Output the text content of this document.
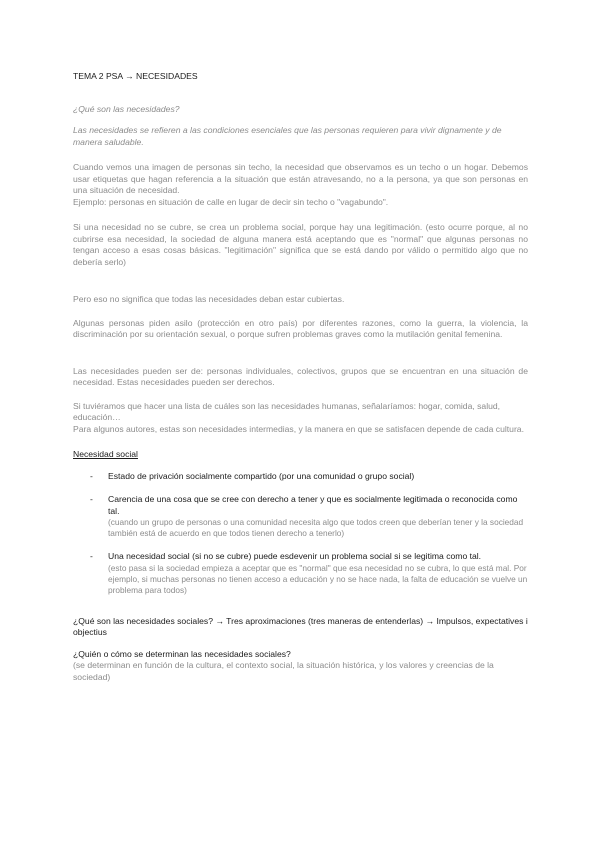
TEMA 2 PSA → NECESIDADES

¿Qué son las necesidades?

Las necesidades se refieren a las condiciones esenciales que las personas requieren para vivir dignamente y de manera saludable.

Cuando vemos una imagen de personas sin techo, la necesidad que observamos es un techo o un hogar. Debemos usar etiquetas que hagan referencia a la situación que están atravesando, no a la persona, ya que son personas en una situación de necesidad.

Ejemplo: personas en situación de calle en lugar de decir sin techo o "vagabundo".

Si una necesidad no se cubre, se crea un problema social, porque hay una legitimación. (esto ocurre porque, al no cubrirse esa necesidad, la sociedad de alguna manera está aceptando que es "normal" que algunas personas no tengan acceso a esas cosas básicas. "legitimación" significa que se está dando por válido o permitido algo que no debería serlo)

Pero eso no significa que todas las necesidades deban estar cubiertas.

Algunas personas piden asilo (protección en otro país) por diferentes razones, como la guerra, la violencia, la discriminación por su orientación sexual, o porque sufren problemas graves como la mutilación genital femenina.

Las necesidades pueden ser de: personas individuales, colectivos, grupos que se encuentran en una situación de necesidad. Estas necesidades pueden ser derechos.

Si tuviéramos que hacer una lista de cuáles son las necesidades humanas, señalaríamos: hogar, comida, salud, educación…

Para algunos autores, estas son necesidades intermedias, y la manera en que se satisfacen depende de cada cultura.

Necesidad social

- Estado de privación socialmente compartido (por una comunidad o grupo social)

- Carencia de una cosa que se cree con derecho a tener y que es socialmente legitimada o reconocida como tal.

(cuando un grupo de personas o una comunidad necesita algo que todos creen que deberían tener y la sociedad también está de acuerdo en que todos tienen derecho a tenerlo)

- Una necesidad social (si no se cubre) puede esdevenir un problema social si se legitima como tal.

(esto pasa si la sociedad empieza a aceptar que es "normal" que esa necesidad no se cubra, lo que está mal. Por ejemplo, si muchas personas no tienen acceso a educación y no se hace nada, la falta de educación se vuelve un problema para todos)

¿Qué son las necesidades sociales? → Tres aproximaciones (tres maneras de entenderlas) → Impulsos, expectatives i objectius

¿Quién o cómo se determinan las necesidades sociales?

(se determinan en función de la cultura, el contexto social, la situación histórica, y los valores y creencias de la sociedad)
